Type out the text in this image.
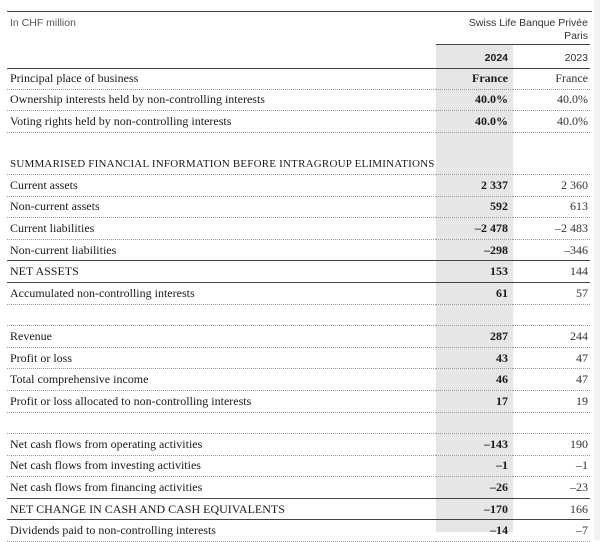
In CHF million	Swiss Life Banque Privée
Paris
2024	2023
Principal place of business	France	France
Ownership interests held by non-controlling interests	40.0%	40.0%
Voting rights held by non-controlling interests	40.0%	40.0%

SUMMARISED FINANCIAL INFORMATION BEFORE INTRAGROUP ELIMINATIONS		
Current assets	2 337	2 360
Non-current assets	592	613
Current liabilities	–2 478	–2 483
Non-current liabilities	–298	–346
NET ASSETS	153	144
Accumulated non-controlling interests	61	57

Revenue	287	244
Profit or loss	43	47
Total comprehensive income	46	47
Profit or loss allocated to non-controlling interests	17	19

Net cash flows from operating activities	–143	190
Net cash flows from investing activities	–1	–1
Net cash flows from financing activities	–26	–23
NET CHANGE IN CASH AND CASH EQUIVALENTS	–170	166
Dividends paid to non-controlling interests	–14	–7
